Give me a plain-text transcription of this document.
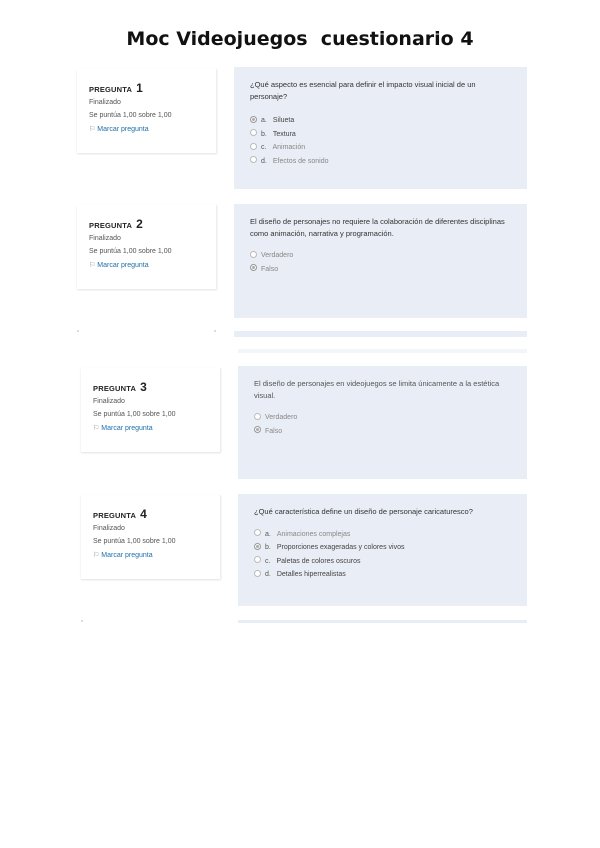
Moc Videojuegos  cuestionario 4
PREGUNTA 1
Finalizado
Se puntúa 1,00 sobre 1,00
⚐ Marcar pregunta
¿Qué aspecto es esencial para definir el impacto visual inicial de un personaje?
a. Silueta
b. Textura
c. Animación
d. Efectos de sonido
PREGUNTA 2
Finalizado
Se puntúa 1,00 sobre 1,00
⚐ Marcar pregunta
El diseño de personajes no requiere la colaboración de diferentes disciplinas como animación, narrativa y programación.
Verdadero
Falso
PREGUNTA 3
Finalizado
Se puntúa 1,00 sobre 1,00
⚐ Marcar pregunta
El diseño de personajes en videojuegos se limita únicamente a la estética visual.
Verdadero
Falso
PREGUNTA 4
Finalizado
Se puntúa 1,00 sobre 1,00
⚐ Marcar pregunta
¿Qué característica define un diseño de personaje caricaturesco?
a. Animaciones complejas
b. Proporciones exageradas y colores vivos
c. Paletas de colores oscuros
d. Detalles hiperrealistas
